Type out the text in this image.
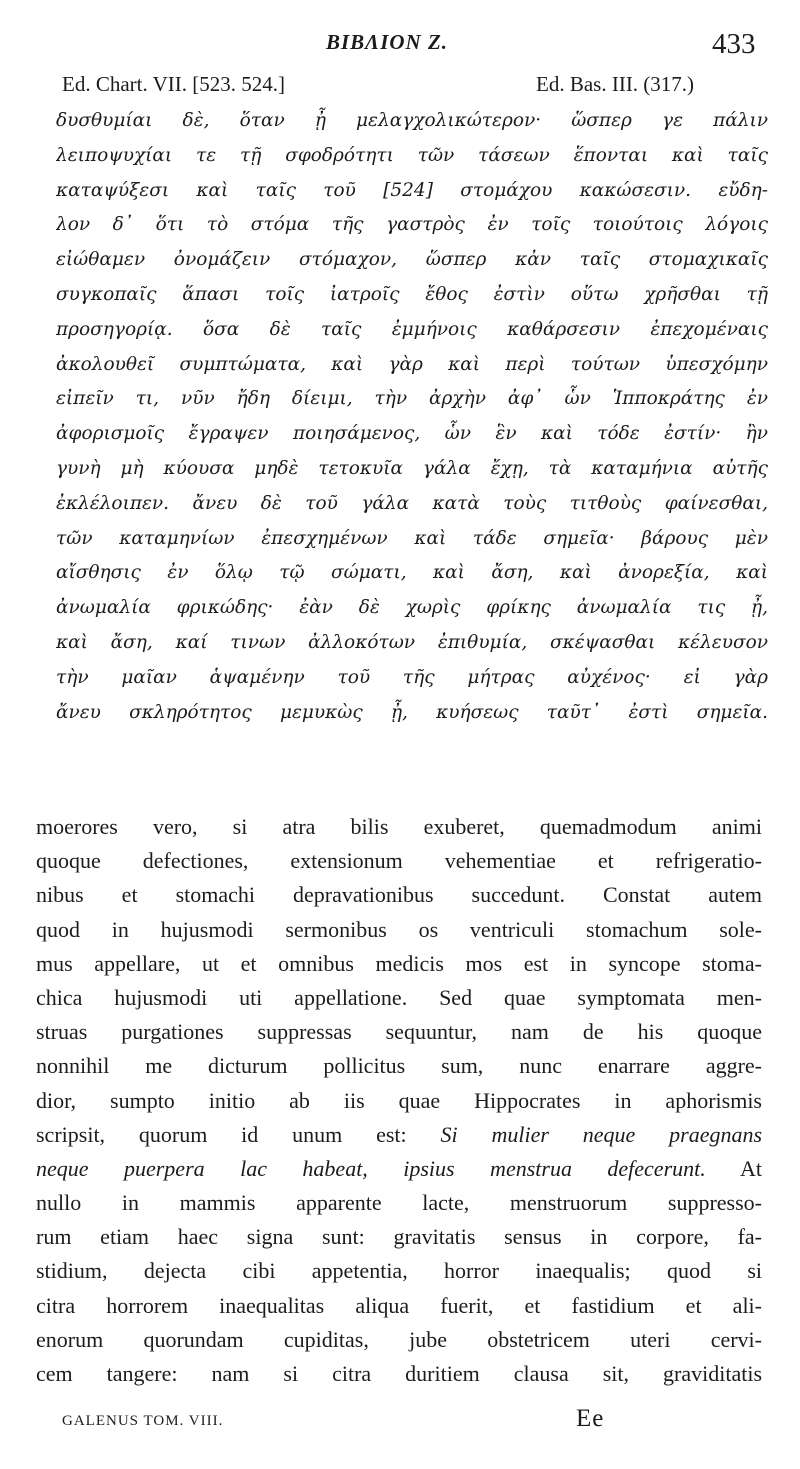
ΒΙΒΛΙΟΝ Ζ.	433
Ed. Chart. VII. [523. 524.]	Ed. Bas. III. (317.)
δυσθυμίαι δὲ, ὅταν ᾖ μελαγχολικώτερον· ὥσπερ γε πάλιν
λειποψυχίαι τε τῇ σφοδρότητι τῶν τάσεων ἕπονται καὶ ταῖς
καταψύξεσι καὶ ταῖς τοῦ [524] στομάχου κακώσεσιν. εὔδη-
λον δ᾽ ὅτι τὸ στόμα τῆς γαστρὸς ἐν τοῖς τοιούτοις λόγοις
εἰώθαμεν ὀνομάζειν στόμαχον, ὥσπερ κἀν ταῖς στομαχικαῖς
συγκοπαῖς ἅπασι τοῖς ἰατροῖς ἔθος ἐστὶν οὕτω χρῆσθαι τῇ
προσηγορίᾳ. ὅσα δὲ ταῖς ἐμμήνοις καθάρσεσιν ἐπεχομέναις
ἀκολουθεῖ συμπτώματα, καὶ γὰρ καὶ περὶ τούτων ὑπεσχόμην
εἰπεῖν τι, νῦν ἤδη δίειμι, τὴν ἀρχὴν ἀφ᾽ ὧν Ἱπποκράτης ἐν
ἀφορισμοῖς ἔγραψεν ποιησάμενος, ὧν ἓν καὶ τόδε ἐστίν· ἢν
γυνὴ μὴ κύουσα μηδὲ τετοκυῖα γάλα ἔχῃ, τὰ καταμήνια αὐτῆς
ἐκλέλοιπεν. ἄνευ δὲ τοῦ γάλα κατὰ τοὺς τιτθοὺς φαίνεσθαι,
τῶν καταμηνίων ἐπεσχημένων καὶ τάδε σημεῖα· βάρους μὲν
αἴσθησις ἐν ὅλῳ τῷ σώματι, καὶ ἄση, καὶ ἀνορεξία, καὶ
ἀνωμαλία φρικώδης· ἐὰν δὲ χωρὶς φρίκης ἀνωμαλία τις ᾖ,
καὶ ἄση, καί τινων ἀλλοκότων ἐπιθυμία, σκέψασθαι κέλευσον
τὴν μαῖαν ἁψαμένην τοῦ τῆς μήτρας αὐχένος· εἰ γὰρ
ἄνευ σκληρότητος μεμυκὼς ᾖ, κυήσεως ταῦτ᾽ ἐστὶ σημεῖα.
moerores vero, si atra bilis exuberet, quemadmodum animi
quoque defectiones, extensionum vehementiae et refrigeratio-
nibus et stomachi depravationibus succedunt. Constat autem
quod in hujusmodi sermonibus os ventriculi stomachum sole-
mus appellare, ut et omnibus medicis mos est in syncope stoma-
chica hujusmodi uti appellatione. Sed quae symptomata men-
struas purgationes suppressas sequuntur, nam de his quoque
nonnihil me dicturum pollicitus sum, nunc enarrare aggre-
dior, sumpto initio ab iis quae Hippocrates in aphorismis
scripsit, quorum id unum est: Si mulier neque praegnans
neque puerpera lac habeat, ipsius menstrua defecerunt. At
nullo in mammis apparente lacte, menstruorum suppresso-
rum etiam haec signa sunt: gravitatis sensus in corpore, fa-
stidium, dejecta cibi appetentia, horror inaequalis; quod si
citra horrorem inaequalitas aliqua fuerit, et fastidium et ali-
enorum quorundam cupiditas, jube obstetricem uteri cervi-
cem tangere: nam si citra duritiem clausa sit, graviditatis
GALENUS TOM. VIII.	Ee
